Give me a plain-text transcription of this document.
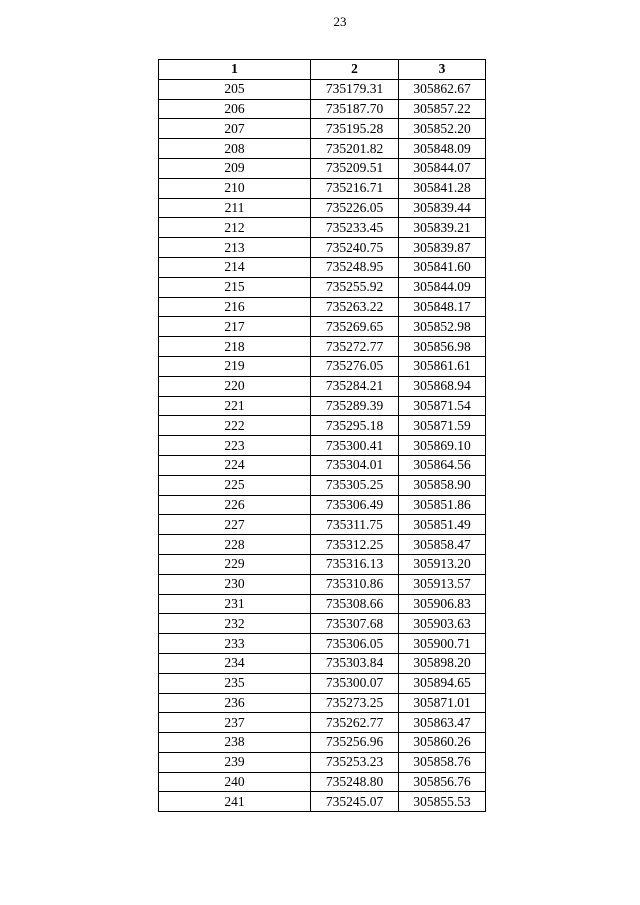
23
1	2	3
205	735179.31	305862.67
206	735187.70	305857.22
207	735195.28	305852.20
208	735201.82	305848.09
209	735209.51	305844.07
210	735216.71	305841.28
211	735226.05	305839.44
212	735233.45	305839.21
213	735240.75	305839.87
214	735248.95	305841.60
215	735255.92	305844.09
216	735263.22	305848.17
217	735269.65	305852.98
218	735272.77	305856.98
219	735276.05	305861.61
220	735284.21	305868.94
221	735289.39	305871.54
222	735295.18	305871.59
223	735300.41	305869.10
224	735304.01	305864.56
225	735305.25	305858.90
226	735306.49	305851.86
227	735311.75	305851.49
228	735312.25	305858.47
229	735316.13	305913.20
230	735310.86	305913.57
231	735308.66	305906.83
232	735307.68	305903.63
233	735306.05	305900.71
234	735303.84	305898.20
235	735300.07	305894.65
236	735273.25	305871.01
237	735262.77	305863.47
238	735256.96	305860.26
239	735253.23	305858.76
240	735248.80	305856.76
241	735245.07	305855.53
